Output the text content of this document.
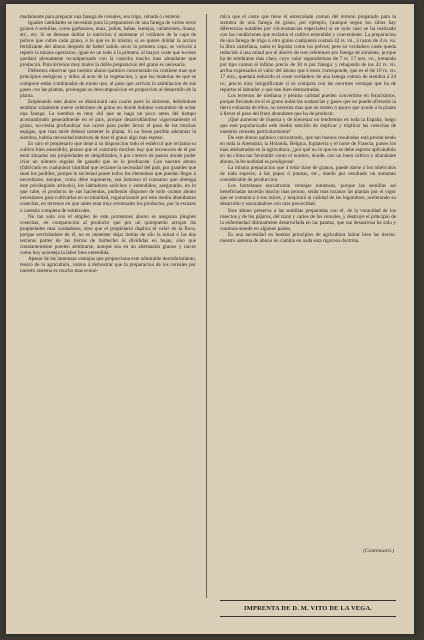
madamente para preparar una fanega de cereales, sea trigo, cebada ó centeno.

Iguales cantidades se necesitan para la preparacion de una fanega de varios otros granos ó semillas, como garbanzos, maiz, judias, habas, lentejas, cañamones, linaza, etc., etc. Si se desease doblar la nutricion ó aumentar el volúmen de la capa de polvos que cubre cada grano, ó lo que es lo mismo, si se quiere doblar la accion fertilizante del abono después de haber salido secar la primera capa, se volverá á repetir la misma operacion, igual en un todo á la primera; al mayor coste que tuviere quedará plenamente recompensado con la cosecha mucho mas abundante que producirá. Para terrenos muy malos la doble preparacion del grano es necesaria.

Debemos observar que nuestro abono químico concentrado no contiene mas que principios enérgicos y útiles al acto de la vegetacion, y que las materias de que se compone están combinadas de modo que, al paso que activan la asimilacion de sus gases con las plantas, prolongan su descomposicion en proporcion al desarrollo de la planta.

Empleando este abono se disminuirá una cuarta parte la simiente, debiéndose sembrar solamente nueve celemines de grano en donde hubiese costumbre de echar una fanega. La siembra es muy útil que se haga un poco antes del tiempo acostumbrado generalmente en el país, porque desarrollándose vigorosamente el grano, no-cesita profundizar sus raices para poder llevar el paso de las muchas espigas, que mas tarde deberá sostener la planta. Si no fuese posible adelantar la siembra, habría necesidad entonces de tirar el grano algo mas espeso.

Es caro el propietario que tiene á su disposicion todo el estiércol que reclama su cultivo bien entendido, pienso que el contrario muchos hay que reconocen de él por estar situadas sus propiedades en despoblados, ó por carecer de pastos donde poder criar un número regular de ganado que se lo produzcan. Con nuestro abono (fabricado en cualquiera cantidad que reclame la necesidad del país, por grandes que sean los pedidos, porque la sociedad posee todos los elementos que puedan llegar á necesitarse, aunque, como debe suponerse, sea inmenso el consumo que obtenga este privilegiado articulo), los labradores solícitos y entendidos, asegurarán, en lo que cabe, el producto de sus haciendas, pudiendo disponer de todo cuanto abono necesitaren para cultivarlas en su totalidad, regularizando por este medio abundantes cosechas, en terrenos en que antes eran muy eventuales los productos, por la escasez ó carestia completa de estiércoles.

No tan solo con el empleo de este portentoso abono se aseguran pingües cosechas, en comparacion al producto que por un quinquenio arrojan las propiedades más cuidadosas, sino que el propietario duplica el valor de la finca, porque servirándose de él, no es menester dejar tierras de año la mitad ó las dos terceras partes de las tierras de barbecho ni divididas en hojas, sino que constantemente pueden sembrarse, aunque sea en un alternando granos y raíces como hoy aconseja la labor bien entendida.

Apesar de las inmensas ventajas que proporciona este admirable descubrimiento, tesoro de la agricultura, vamos á demostrar que la preparacion de los cereales por nuestro sistema es mucho mas econó-

mica que el coste que tiene el estercolado comun del terreno preparado para la siembra de una fanega de grano, por ejemplo, (aunque segun los sitios hay diferencias notables por circunstancias especiales) si en todo caso se ha realizado con las condiciones que reclama el cultivo entendido y conveniente. La preparacion de una fanega de trigo ú otro grano cualquiera costará 42 rs. vn., á razon de 4 rs. va. la libra castellana, tanto el líquido como los polvos; pero su verdadero coste queda reducido á una mitad por el ahorro de tres celemines por fanega de simiente, porque ha de sembrarse mas claro, cuyo valor supondremos de 7 rs. 17 mrs. vn., tomando por tipo comun el infimo precio de 30 rs por fanega; y rebajando de los 42 rs. vn. arriba expresados el valor del abono que á estos corresponde, que es el de 10 rs. vn. 17 mrs., quedará reducido el coste verdadero de una fanega comun de siembra á 24 rs.; precio muy insignificante si se compara con las enormes ventajas que ha de reportar el labrador y que dan bien demostradas.

Los terrenos de mediana y pésima calidad pueden convertirse en feracísimos, porque llevando en sí el grano todas las sustancias y gases que no puede ofrecerle la tierra exhausta de ellos, no necesita mas que un sostén ó apoyo que ayude á la planta á llevar el peso del fruto abundante que ha de producir.

¡Qué aumento de riqueza y de bienestar no tendremos en toda la España, luego que esté popularizado este medio sencillo de duplicar y triplicar las cosechas de nuestros cereales particularmente!

De este abono químico concentrado, que tan buenos resultados está produciendo en toda la Alemania, la Holanda, Bélgica, Inglaterra y el norte de Francia, países los mas adelantados en la agricultura; ¿por qué no lo que en se debe esperar aplicándolo en un clima tan favorable como el nuestro, donde, con un buen cultivo y abundante abono, la fecundidad es prodigiosa!

La misma preparacion que á toda clase de granos, puede darse á los tubérculos de toda especie, á las papas ó patatas, etc., dando por resultado un aumento considerable de produccion.

Los hortelanos encontrarán ventajas inmensas, porque las semillas así beneficiadas nacerán mucho mas pronto, serán mas lozanas las plantas por el vigor que se comunica á sus raices, y mejorará la calidad de las legumbres, acelerando su desarrollo y sazonándose con mas precocidad.

Este abono preserva á las semillas preparadas con él, de la voracidad de los insectos y de los pájaros, del tizon y caries de los cereales, y destruye el principio de la enfermedad últimamente desarrollada en las patatas, que tan desastrosa ha sido y continúa siendo en algunos países.

Es una necesidad en buenos principios de agricultura labrar bien las tierras: nuestro sistema de abono no cambia en nada esta rigorosa doctrina.

(Continuará.)
IMPRENTA DE D. M. VITO DE LA VEGA.
